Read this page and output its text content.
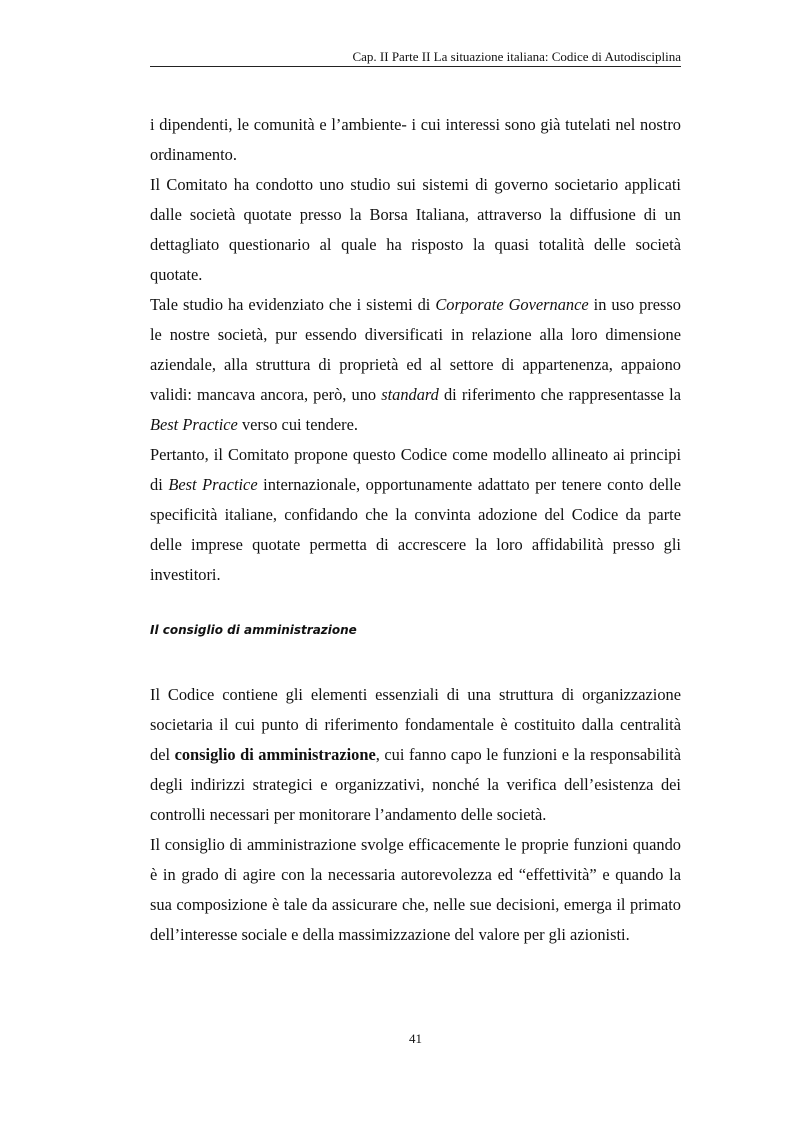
Cap. II Parte II La situazione italiana: Codice di Autodisciplina

i dipendenti, le comunità e l’ambiente- i cui interessi sono già tutelati nel nostro ordinamento.

Il Comitato ha condotto uno studio sui sistemi di governo societario applicati dalle società quotate presso la Borsa Italiana, attraverso la diffusione di un dettagliato questionario al quale ha risposto la quasi totalità delle società quotate.

Tale studio ha evidenziato che i sistemi di Corporate Governance in uso presso le nostre società, pur essendo diversificati in relazione alla loro dimensione aziendale, alla struttura di proprietà ed al settore di appartenenza, appaiono validi: mancava ancora, però, uno standard di riferimento che rappresentasse la Best Practice verso cui tendere.

Pertanto, il Comitato propone questo Codice come modello allineato ai principi di Best Practice internazionale, opportunamente adattato per tenere conto delle specificità italiane, confidando che la convinta adozione del Codice da parte delle imprese quotate permetta di accrescere la loro affidabilità presso gli investitori.

Il consiglio di amministrazione

Il Codice contiene gli elementi essenziali di una struttura di organizzazione societaria il cui punto di riferimento fondamentale è costituito dalla centralità del consiglio di amministrazione, cui fanno capo le funzioni e la responsabilità degli indirizzi strategici e organizzativi, nonché la verifica dell’esistenza dei controlli necessari per monitorare l’andamento delle società.

Il consiglio di amministrazione svolge efficacemente le proprie funzioni quando è in grado di agire con la necessaria autorevolezza ed “effettività” e quando la sua composizione è tale da assicurare che, nelle sue decisioni, emerga il primato dell’interesse sociale e della massimizzazione del valore per gli azionisti.

41
